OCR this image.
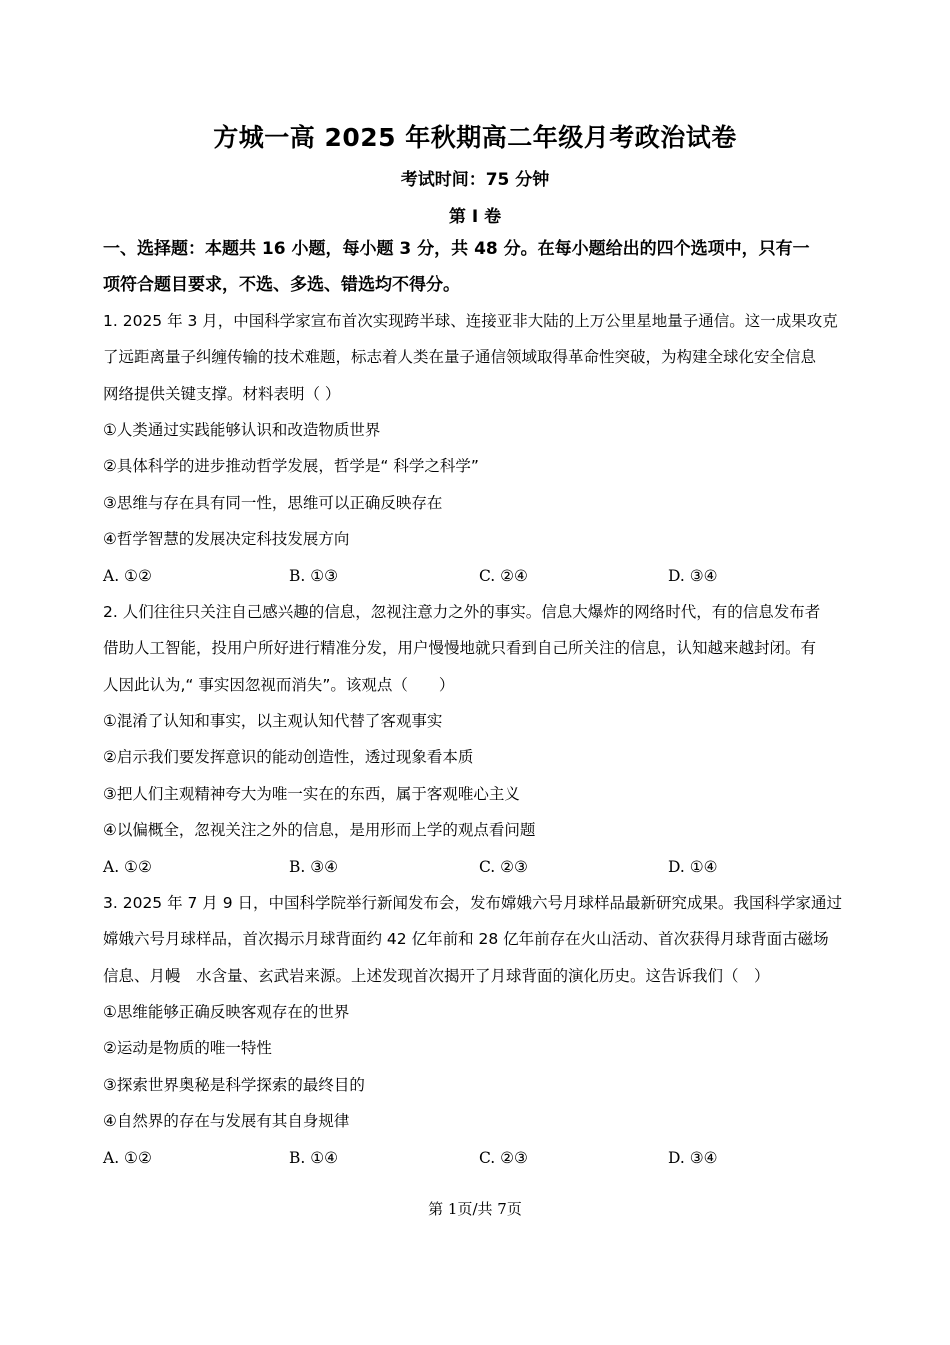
方城一高 2025 年秋期高二年级月考政治试卷
考试时间：75 分钟
第 I 卷
一、选择题：本题共 16 小题，每小题 3 分，共 48 分。在每小题给出的四个选项中，只有一
项符合题目要求，不选、多选、错选均不得分。
1. 2025 年 3 月，中国科学家宣布首次实现跨半球、连接亚非大陆的上万公里星地量子通信。这一成果攻克
了远距离量子纠缠传输的技术难题，标志着人类在量子通信领域取得革命性突破，为构建全球化安全信息
网络提供关键支撑。材料表明（ ）
①人类通过实践能够认识和改造物质世界
②具体科学的进步推动哲学发展，哲学是“ 科学之科学”
③思维与存在具有同一性，思维可以正确反映存在
④哲学智慧的发展决定科技发展方向
A. ①②	B. ①③	C. ②④	D. ③④
2. 人们往往只关注自己感兴趣的信息，忽视注意力之外的事实。信息大爆炸的网络时代，有的信息发布者
借助人工智能，投用户所好进行精准分发，用户慢慢地就只看到自己所关注的信息，认知越来越封闭。有
人因此认为,“ 事实因忽视而消失”。该观点（　　）
①混淆了认知和事实，以主观认知代替了客观事实
②启示我们要发挥意识的能动创造性，透过现象看本质
③把人们主观精神夸大为唯一实在的东西，属于客观唯心主义
④以偏概全，忽视关注之外的信息，是用形而上学的观点看问题
A. ①②	B. ③④	C. ②③	D. ①④
3. 2025 年 7 月 9 日，中国科学院举行新闻发布会，发布嫦娥六号月球样品最新研究成果。我国科学家通过
嫦娥六号月球样品，首次揭示月球背面约 42 亿年前和 28 亿年前存在火山活动、首次获得月球背面古磁场
信息、月幔　水含量、玄武岩来源。上述发现首次揭开了月球背面的演化历史。这告诉我们（　）
①思维能够正确反映客观存在的世界
②运动是物质的唯一特性
③探索世界奥秘是科学探索的最终目的
④自然界的存在与发展有其自身规律
A. ①②	B. ①④	C. ②③	D. ③④
第 1页/共 7页
